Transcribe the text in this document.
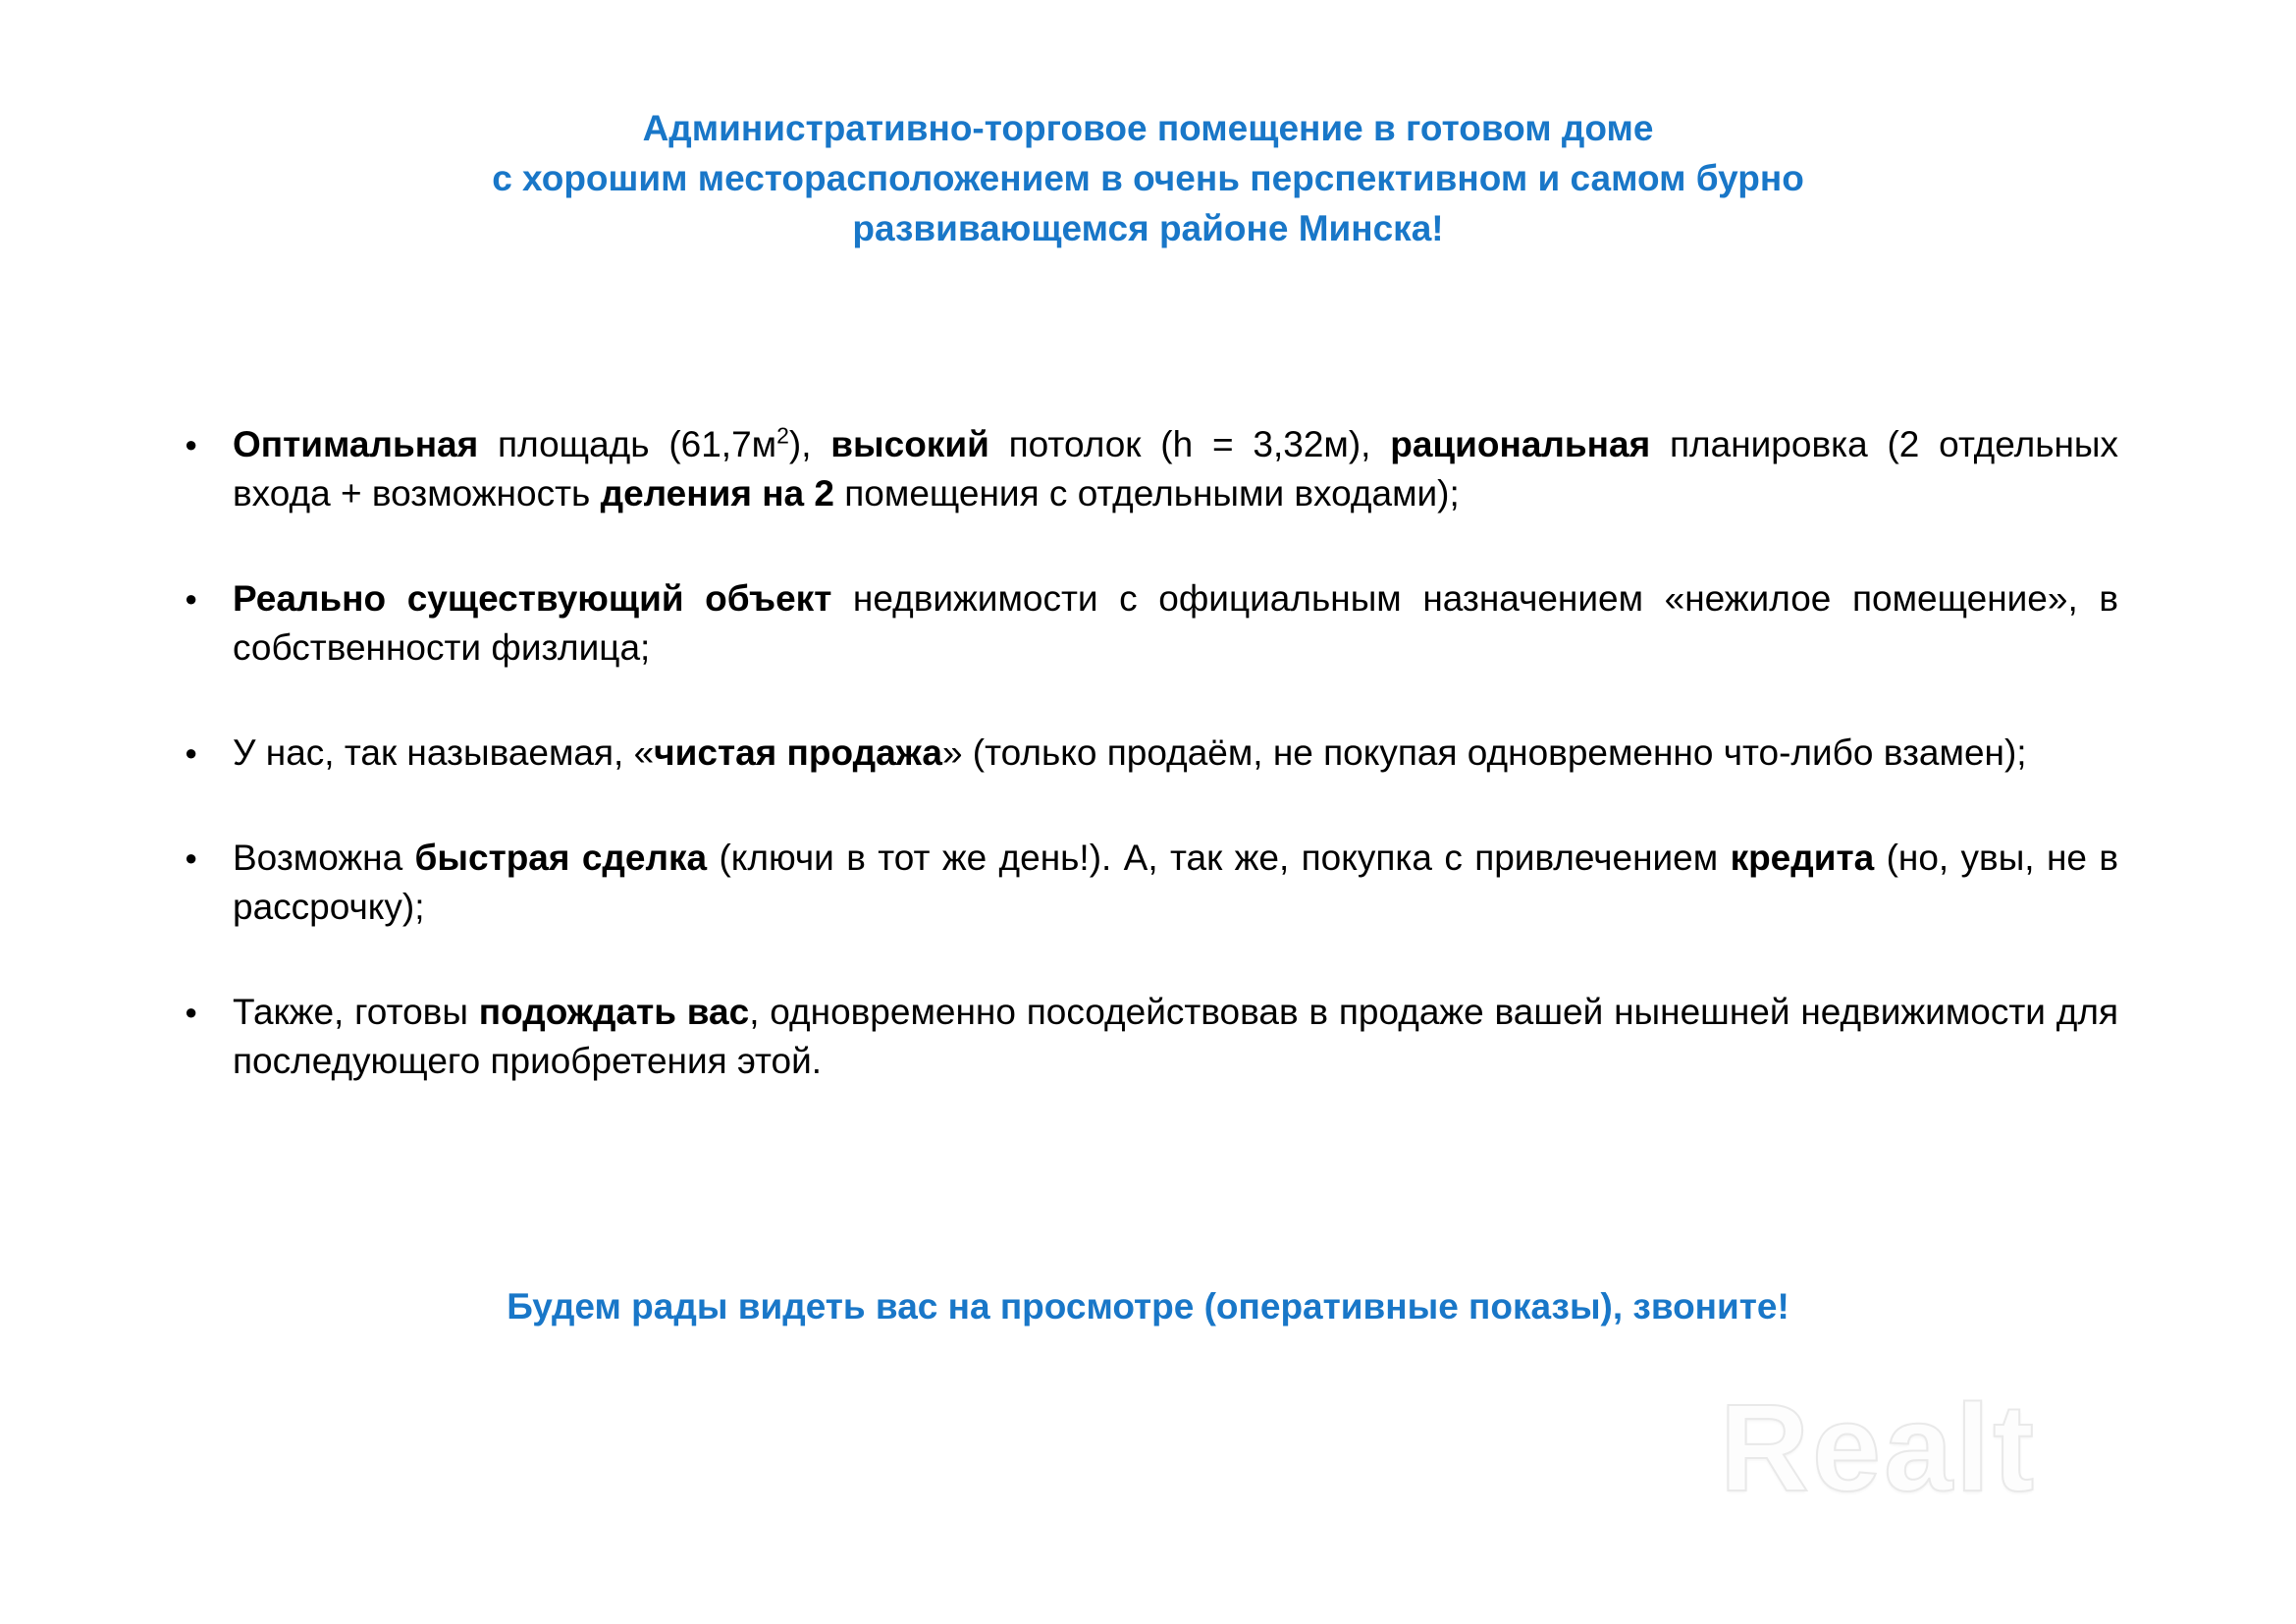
Административно-торговое помещение в готовом доме
с хорошим месторасположением в очень перспективном и самом бурно
развивающемся районе Минска!
● Оптимальная площадь $(61,7м^2)$, высокий потолок (h = 3,32м), рациональная планировка (2 отдельных входа + возможность деления на 2 помещения с отдельными входами);
● Реально существующий объект недвижимости с официальным назначением «нежилое помещение», в собственности физлица;
● У нас, так называемая, «чистая продажа» (только продаём, не покупая одновременно что-либо взамен);
● Возможна быстрая сделка (ключи в тот же день!). А, так же, покупка с привлечением кредита (но, увы, не в рассрочку);
● Также, готовы подождать вас, одновременно посодействовав в продаже вашей нынешней недвижимости для последующего приобретения этой.
Будем рады видеть вас на просмотре (оперативные показы), звоните!
Realt
